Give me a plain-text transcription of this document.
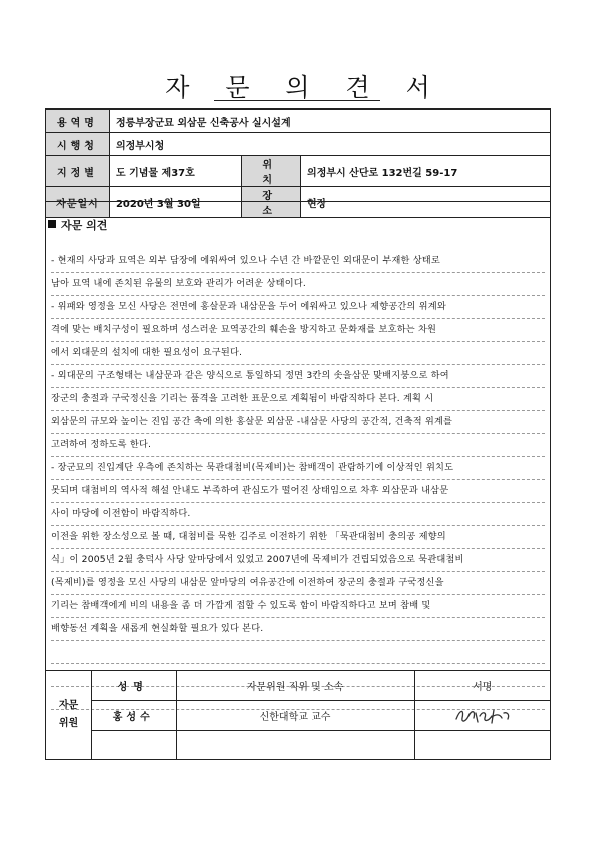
자 문 의 견 서
용역명	정릉부장군묘 외삼문 신축공사 실시설계		
시행청	의정부시청		
지정별	도 기념물 제37호	위치	의정부시 산단로 132번길 59-17
자문일시	2020년 3월 30일	장소	현장
자문 의견
- 현재의 사당과 묘역은 외부 담장에 에워싸여 있으나 수년 간 바깥문인 외대문이 부재한 상태로
남아 묘역 내에 존치된 유물의 보호와 관리가 어려운 상태이다.
- 위패와 영정을 모신 사당은 전면에 홍살문과 내삼문을 두어 에워싸고 있으나 제향공간의 위계와
격에 맞는 배치구성이 필요하며 성스러운 묘역공간의 훼손을 방지하고 문화재를 보호하는 차원
에서 외대문의 설치에 대한 필요성이 요구된다.
- 외대문의 구조형태는 내삼문과 같은 양식으로 통일하되 정면 3칸의 솟을삼문 맞배지붕으로 하여
장군의 충절과 구국정신을 기리는 품격을 고려한 표문으로 계획됨이 바람직하다 본다. 계획 시
외삼문의 규모와 높이는 진입 공간 축에 의한 홍살문 외삼문 -내삼문 사당의 공간적, 건축적 위계를
고려하여 정하도록 한다.
- 장군묘의 진입계단 우측에 존치하는 묵관대첨비(목제비)는 참배객이 관람하기에 이상적인 위치도
못되며 대첨비의 역사적 해설 안내도 부족하여 관심도가 떨어진 상태임으로 차후 외삼문과 내삼문
사이 마당에 이전함이 바람직하다.
이전을 위한 장소성으로 볼 때, 대첨비를 묵한 김주로 이전하기 위한 「묵관대첨비 충의공 제향의
식」이 2005년 2월 충덕사 사당 앞마당에서 있었고 2007년에 목제비가 건립되었음으로 묵관대첨비
(목제비)를 영정을 모신 사당의 내삼문 앞마당의 여유공간에 이전하여 장군의 충절과 구국정신을
기리는 참배객에게 비의 내용을 좀 더 가깝게 접할 수 있도록 함이 바람직하다고 보며 참배 및
배향동선 계획을 새롭게 현실화할 필요가 있다 본다.
자문
위원
성명	자문위원 직위 및 소속	서명
홍성수	신한대학교 교수	
